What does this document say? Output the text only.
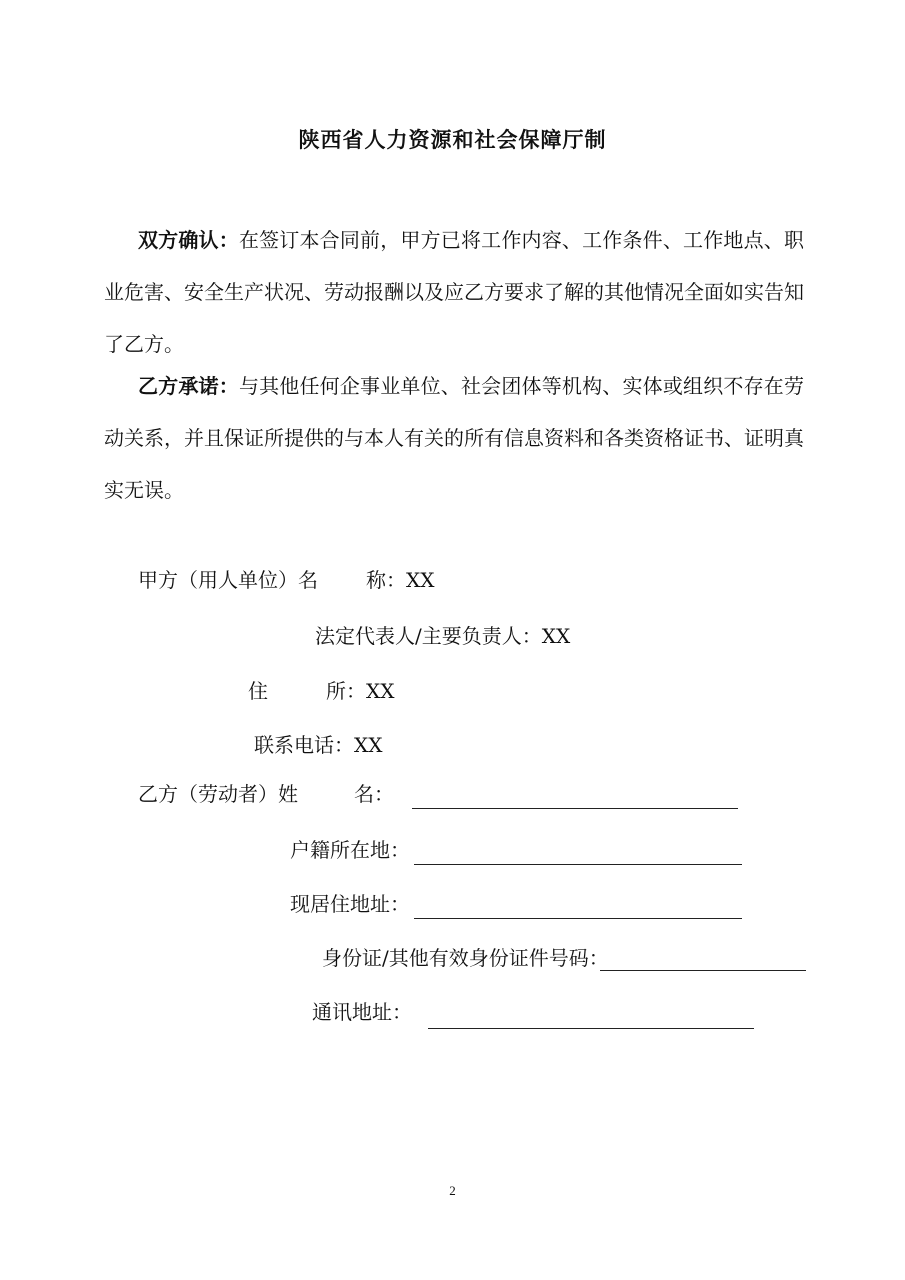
陕西省人力资源和社会保障厅制
双方确认：在签订本合同前，甲方已将工作内容、工作条件、工作地点、职业危害、安全生产状况、劳动报酬以及应乙方要求了解的其他情况全面如实告知了乙方。
乙方承诺：与其他任何企事业单位、社会团体等机构、实体或组织不存在劳动关系，并且保证所提供的与本人有关的所有信息资料和各类资格证书、证明真实无误。
甲方（用人单位）名 称：XX
法定代表人/主要负责人：XX
住	所：XX
联系电话：XX
乙方（劳动者）姓	名：
户籍所在地：
现居住地址：
身份证/其他有效身份证件号码：
通讯地址：
2
